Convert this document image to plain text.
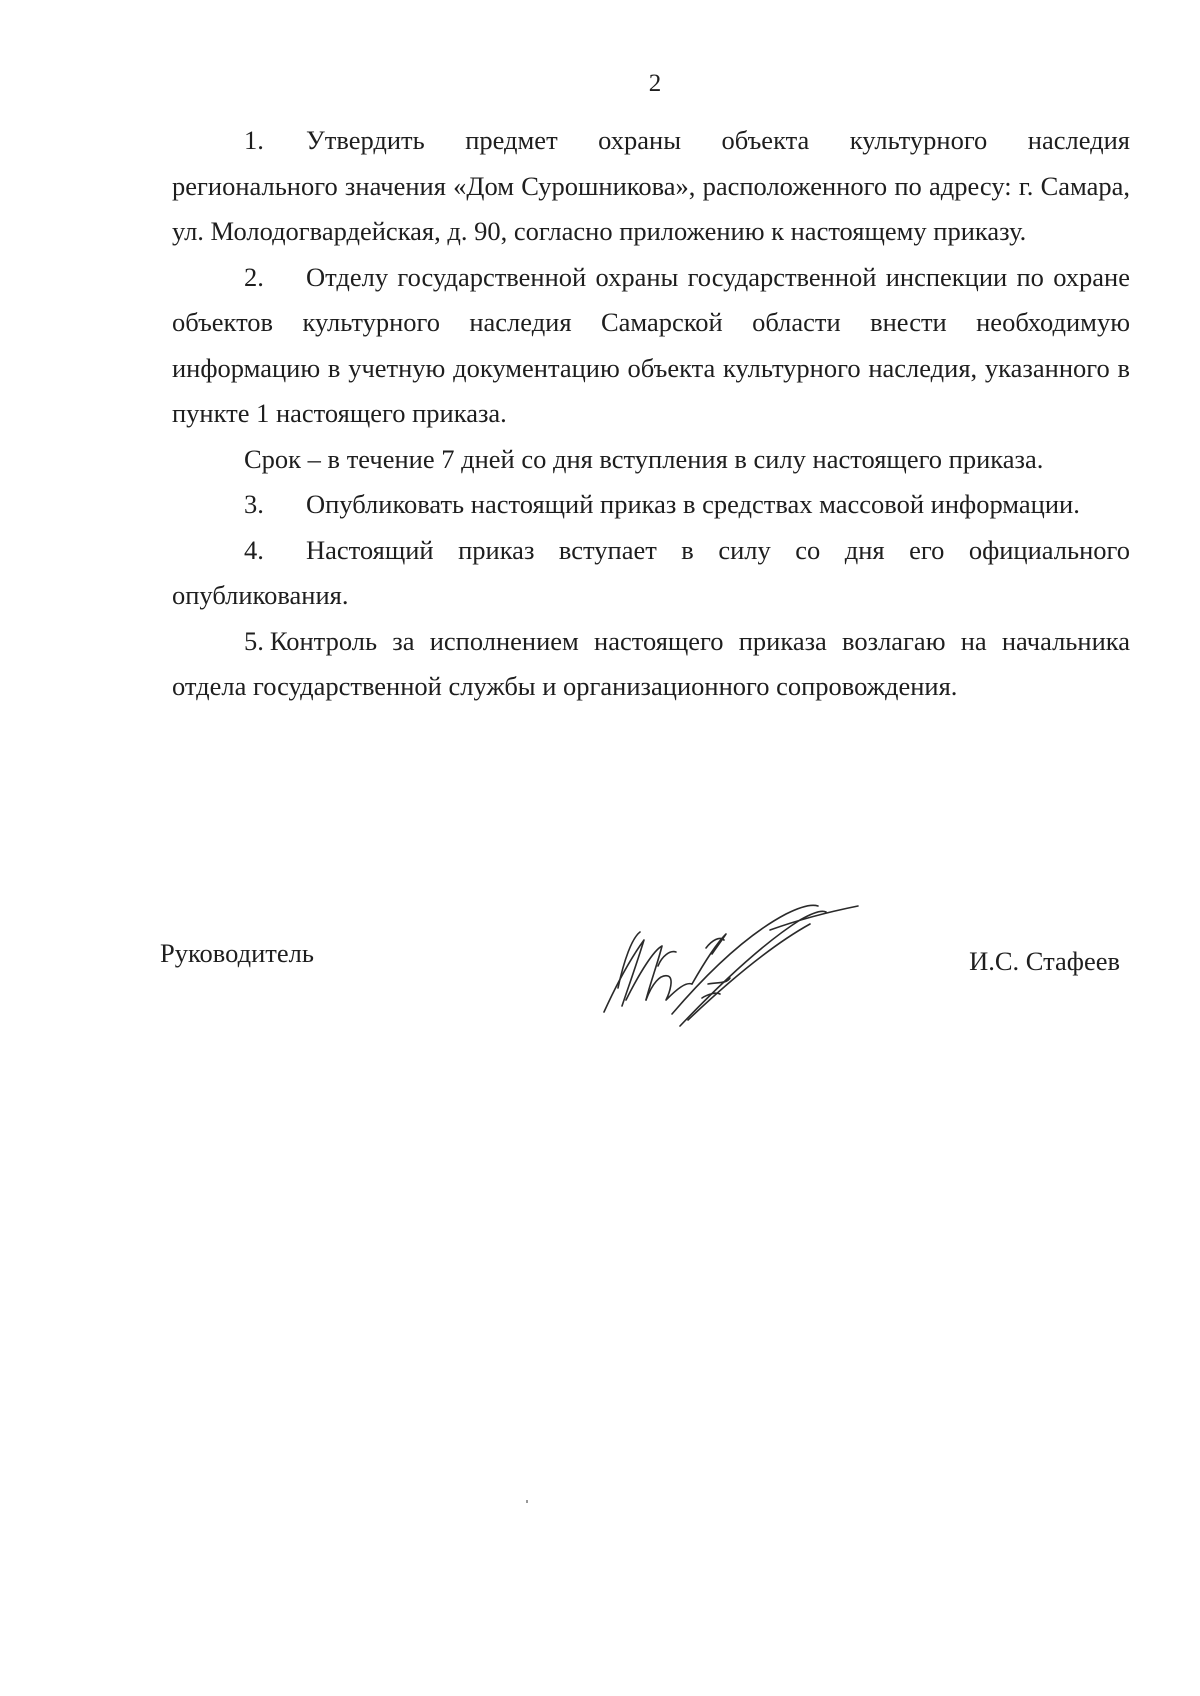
2

1. Утвердить предмет охраны объекта культурного наследия регионального значения «Дом Сурошникова», расположенного по адресу: г. Самара, ул. Молодогвардейская, д. 90, согласно приложению к настоящему приказу.

2. Отделу государственной охраны государственной инспекции по охране объектов культурного наследия Самарской области внести необходимую информацию в учетную документацию объекта культурного наследия, указанного в пункте 1 настоящего приказа.

Срок – в течение 7 дней со дня вступления в силу настоящего приказа.

3. Опубликовать настоящий приказ в средствах массовой информации.

4. Настоящий приказ вступает в силу со дня его официального опубликования.

5. Контроль за исполнением настоящего приказа возлагаю на начальника отдела государственной службы и организационного сопровождения.

Руководитель	И.С. Стафеев
